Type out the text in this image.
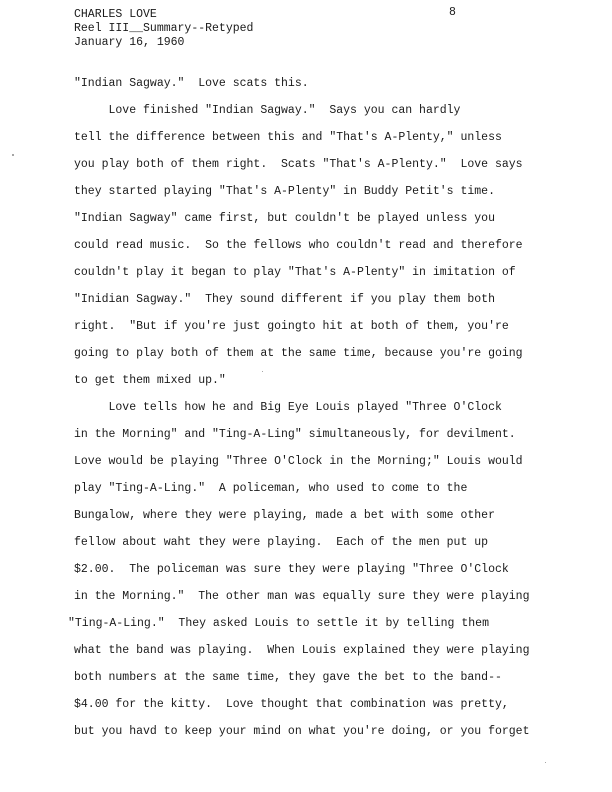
CHARLES LOVE
Reel III__Summary--Retyped
January 16, 1960
8
"Indian Sagway."  Love scats this.
Love finished "Indian Sagway."  Says you can hardly
tell the difference between this and "That's A-Plenty," unless
you play both of them right.  Scats "That's A-Plenty."  Love says
they started playing "That's A-Plenty" in Buddy Petit's time.
"Indian Sagway" came first, but couldn't be played unless you
could read music.  So the fellows who couldn't read and therefore
couldn't play it began to play "That's A-Plenty" in imitation of
"Inidian Sagway."  They sound different if you play them both
right.  "But if you're just goingto hit at both of them, you're
going to play both of them at the same time, because you're going
to get them mixed up."
Love tells how he and Big Eye Louis played "Three O'Clock
in the Morning" and "Ting-A-Ling" simultaneously, for devilment.
Love would be playing "Three O'Clock in the Morning;" Louis would
play "Ting-A-Ling."  A policeman, who used to come to the
Bungalow, where they were playing, made a bet with some other
fellow about waht they were playing.  Each of the men put up
$2.00.  The policeman was sure they were playing "Three O'Clock
in the Morning."  The other man was equally sure they were playing
"Ting-A-Ling."  They asked Louis to settle it by telling them
what the band was playing.  When Louis explained they were playing
both numbers at the same time, they gave the bet to the band--
$4.00 for the kitty.  Love thought that combination was pretty,
but you havd to keep your mind on what you're doing, or you forget
